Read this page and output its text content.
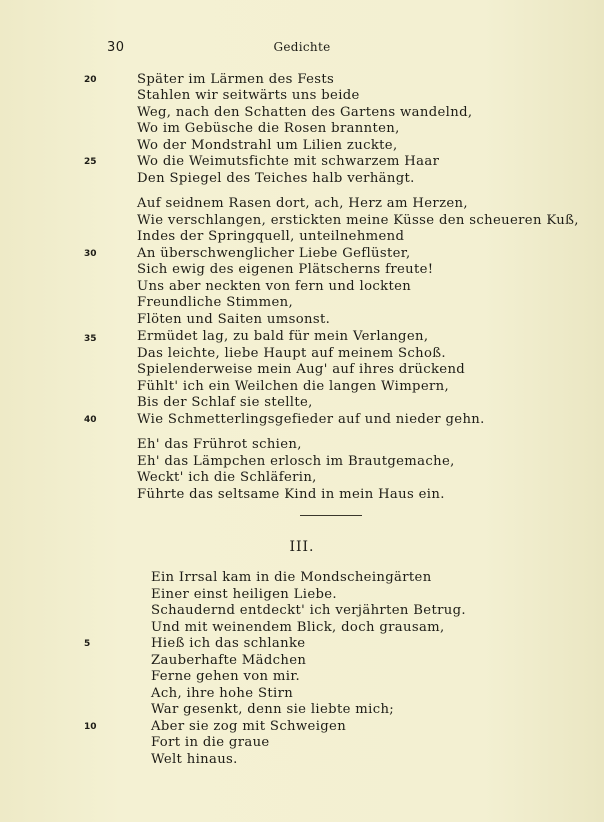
30	Gedichte
20	Später im Lärmen des Fests
Stahlen wir seitwärts uns beide
Weg, nach den Schatten des Gartens wandelnd,
Wo im Gebüsche die Rosen brannten,
Wo der Mondstrahl um Lilien zuckte,
25	Wo die Weimutsfichte mit schwarzem Haar
Den Spiegel des Teiches halb verhängt.
Auf seidnem Rasen dort, ach, Herz am Herzen,
Wie verschlangen, erstickten meine Küsse den scheueren Kuß,
Indes der Springquell, unteilnehmend
30	An überschwenglicher Liebe Geflüster,
Sich ewig des eigenen Plätscherns freute!
Uns aber neckten von fern und lockten
Freundliche Stimmen,
Flöten und Saiten umsonst.
35	Ermüdet lag, zu bald für mein Verlangen,
Das leichte, liebe Haupt auf meinem Schoß.
Spielenderweise mein Aug' auf ihres drückend
Fühlt' ich ein Weilchen die langen Wimpern,
Bis der Schlaf sie stellte,
40	Wie Schmetterlingsgefieder auf und nieder gehn.
Eh' das Frührot schien,
Eh' das Lämpchen erlosch im Brautgemache,
Weckt' ich die Schläferin,
Führte das seltsame Kind in mein Haus ein.
III.
Ein Irrsal kam in die Mondscheingärten
Einer einst heiligen Liebe.
Schaudernd entdeckt' ich verjährten Betrug.
Und mit weinendem Blick, doch grausam,
5	Hieß ich das schlanke
Zauberhafte Mädchen
Ferne gehen von mir.
Ach, ihre hohe Stirn
War gesenkt, denn sie liebte mich;
10	Aber sie zog mit Schweigen
Fort in die graue
Welt hinaus.
